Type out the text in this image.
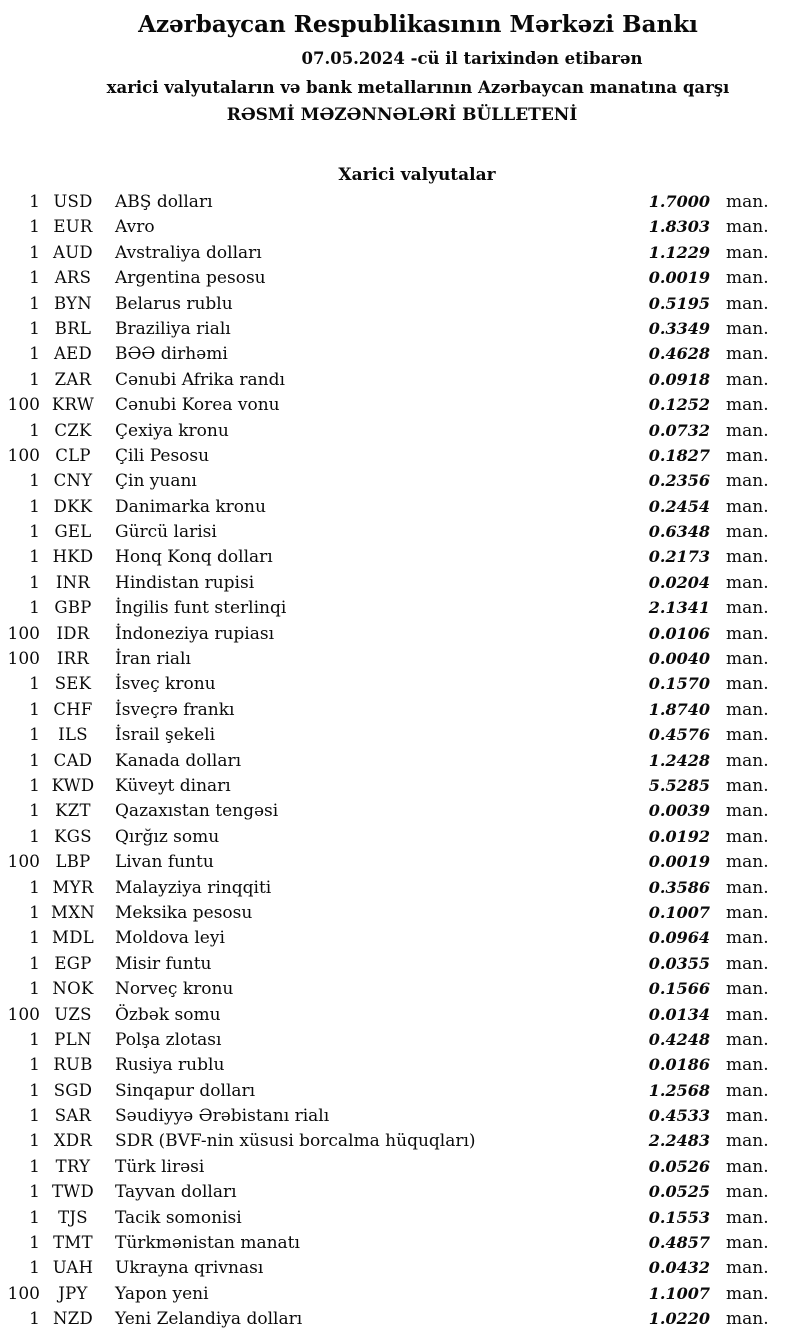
Azərbaycan Respublikasının Mərkəzi Bankı
07.05.2024 -cü il tarixindən etibarən
xarici valyutaların və bank metallarının Azərbaycan manatına qarşı
RƏSMİ MƏZƏNNƏLƏRİ BÜLLETENİ
Xarici valyutalar
1 USD	ABŞ dolları	1.7000 man.
1 EUR	Avro	1.8303 man.
1 AUD	Avstraliya dolları	1.1229 man.
1 ARS	Argentina pesosu	0.0019 man.
1 BYN	Belarus rublu	0.5195 man.
1 BRL	Braziliya rialı	0.3349 man.
1 AED	BƏƏ dirhəmi	0.4628 man.
1 ZAR	Cənubi Afrika randı	0.0918 man.
100 KRW	Cənubi Korea vonu	0.1252 man.
1 CZK	Çexiya kronu	0.0732 man.
100 CLP	Çili Pesosu	0.1827 man.
1 CNY	Çin yuanı	0.2356 man.
1 DKK	Danimarka kronu	0.2454 man.
1 GEL	Gürcü larisi	0.6348 man.
1 HKD	Honq Konq dolları	0.2173 man.
1 INR	Hindistan rupisi	0.0204 man.
1 GBP	İngilis funt sterlinqi	2.1341 man.
100 IDR	İndoneziya rupiası	0.0106 man.
100	IRR	İran rialı	0.0040 man.
1 SEK	İsveç kronu	0.1570 man.
1 CHF	İsveçrə frankı	1.8740 man.
1	ILS	İsrail şekeli	0.4576 man.
1 CAD	Kanada dolları	1.2428 man.
1 KWD	Küveyt dinarı	5.5285 man.
1 KZT	Qazaxıstan tengəsi	0.0039 man.
1 KGS	Qırğız somu	0.0192 man.
100 LBP	Livan funtu	0.0019 man.
1 MYR	Malayziya rinqqiti	0.3586 man.
1 MXN	Meksika pesosu	0.1007 man.
1 MDL	Moldova leyi	0.0964 man.
1 EGP	Misir funtu	0.0355 man.
1 NOK	Norveç kronu	0.1566 man.
100 UZS	Özbək somu	0.0134 man.
1 PLN	Polşa zlotası	0.4248 man.
1 RUB	Rusiya rublu	0.0186 man.
1 SGD	Sinqapur dolları	1.2568 man.
1 SAR	Səudiyyə Ərəbistanı rialı	0.4533 man.
1 XDR	SDR (BVF-nin xüsusi borcalma hüquqları)	2.2483 man.
1 TRY	Türk lirəsi	0.0526 man.
1 TWD	Tayvan dolları	0.0525 man.
1	TJS	Tacik somonisi	0.1553 man.
1 TMT	Türkmənistan manatı	0.4857 man.
1 UAH	Ukrayna qrivnası	0.0432 man.
100	JPY	Yapon yeni	1.1007 man.
1 NZD	Yeni Zelandiya dolları	1.0220 man.
